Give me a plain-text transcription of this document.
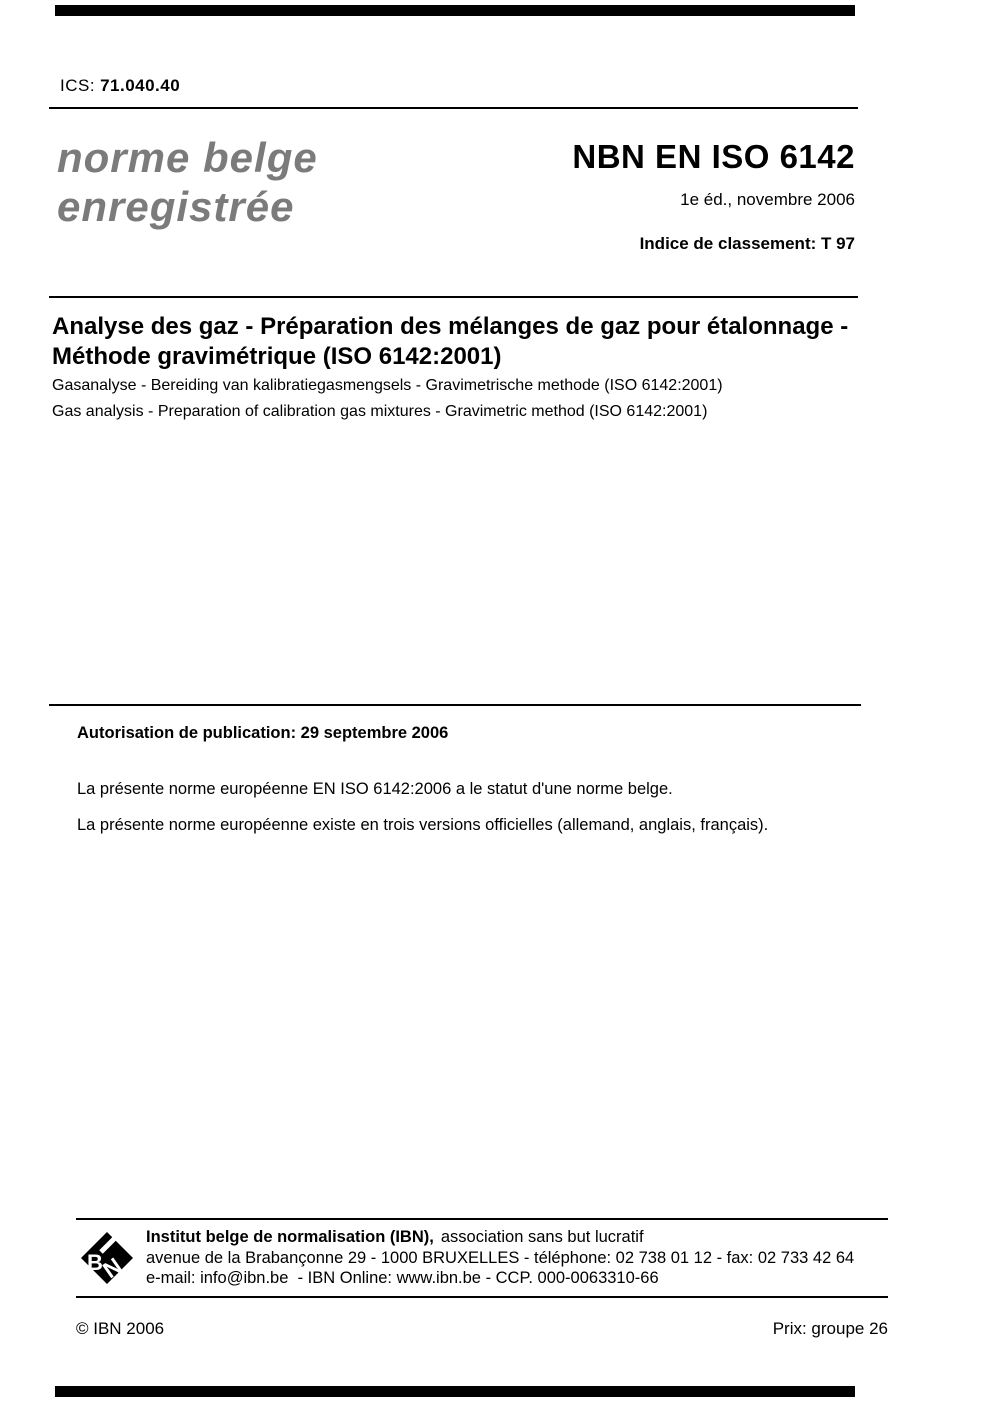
ICS: 71.040.40
norme belge
enregistrée
NBN EN ISO 6142
1e éd., novembre 2006
Indice de classement: T 97
Analyse des gaz - Préparation des mélanges de gaz pour étalonnage -
Méthode gravimétrique (ISO 6142:2001)
Gasanalyse - Bereiding van kalibratiegasmengsels - Gravimetrische methode (ISO 6142:2001)
Gas analysis - Preparation of calibration gas mixtures - Gravimetric method (ISO 6142:2001)
Autorisation de publication: 29 septembre 2006
La présente norme européenne EN ISO 6142:2006 a le statut d'une norme belge.
La présente norme européenne existe en trois versions officielles (allemand, anglais, français).
B
N
Institut belge de normalisation (IBN), association sans but lucratif
avenue de la Brabançonne 29 - 1000 BRUXELLES - téléphone: 02 738 01 12 - fax: 02 733 42 64
e-mail: info@ibn.be  - IBN Online: www.ibn.be - CCP. 000-0063310-66
© IBN 2006	Prix: groupe 26
